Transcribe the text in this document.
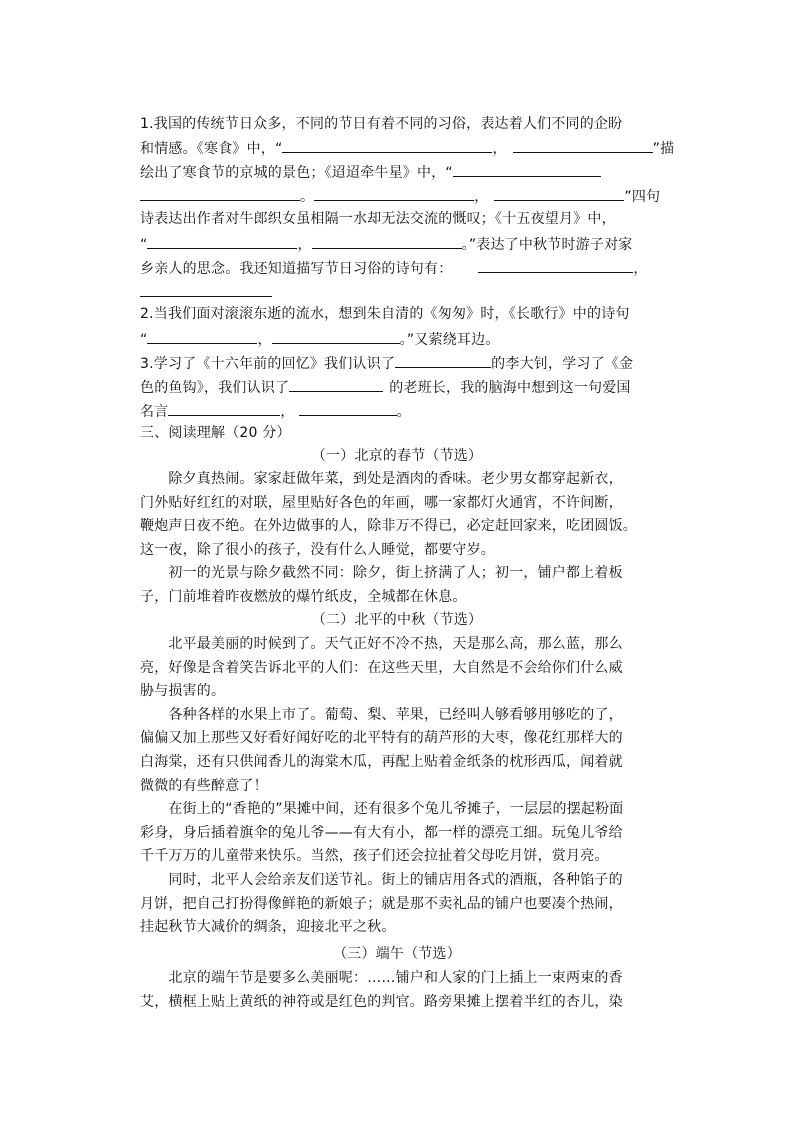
1.我国的传统节日众多，不同的节日有着不同的习俗，表达着人们不同的企盼
和情感。《寒食》中，“	，	”描
绘出了寒食节的京城的景色；《迢迢牵牛星》中，“
。	，	”四句
诗表达出作者对牛郎织女虽相隔一水却无法交流的慨叹；《十五夜望月》中，
“	，	。”表达了中秋节时游子对家
乡亲人的思念。我还知道描写节日习俗的诗句有：	，
2.当我们面对滚滚东逝的流水，想到朱自清的《匆匆》时，《长歌行》中的诗句
“	，	。”又萦绕耳边。
3.学习了《十六年前的回忆》我们认识了	的李大钊，学习了《金
色的鱼钩》，我们认识了	的老班长，我的脑海中想到这一句爱国
名言	，	。
三、阅读理解（20 分）
（一）北京的春节（节选）
　　除夕真热闹。家家赶做年菜，到处是酒肉的香味。老少男女都穿起新衣，
门外贴好红红的对联，屋里贴好各色的年画，哪一家都灯火通宵，不许间断，
鞭炮声日夜不绝。在外边做事的人，除非万不得已，必定赶回家来，吃团圆饭。
这一夜，除了很小的孩子，没有什么人睡觉，都要守岁。
　　初一的光景与除夕截然不同：除夕，街上挤满了人；初一，铺户都上着板
子，门前堆着昨夜燃放的爆竹纸皮，全城都在休息。
（二）北平的中秋（节选）
　　北平最美丽的时候到了。天气正好不冷不热，天是那么高，那么蓝，那么
亮，好像是含着笑告诉北平的人们：在这些天里，大自然是不会给你们什么威
胁与损害的。
　　各种各样的水果上市了。葡萄、梨、苹果，已经叫人够看够用够吃的了，
偏偏又加上那些又好看好闻好吃的北平特有的葫芦形的大枣，像花红那样大的
白海棠，还有只供闻香儿的海棠木瓜，再配上贴着金纸条的枕形西瓜，闻着就
微微的有些醉意了！
　　在街上的“香艳的”果摊中间，还有很多个兔儿爷摊子，一层层的摆起粉面
彩身，身后插着旗伞的兔儿爷——有大有小，都一样的漂亮工细。玩兔儿爷给
千千万万的儿童带来快乐。当然，孩子们还会拉扯着父母吃月饼，赏月亮。
　　同时，北平人会给亲友们送节礼。街上的铺店用各式的酒瓶，各种馅子的
月饼，把自己打扮得像鲜艳的新娘子；就是那不卖礼品的铺户也要凑个热闹，
挂起秋节大减价的绸条，迎接北平之秋。
（三）端午（节选）
　　北京的端午节是要多么美丽呢：……铺户和人家的门上插上一束两束的香
艾，横框上贴上黄纸的神符或是红色的判官。路旁果摊上摆着半红的杏儿，染
